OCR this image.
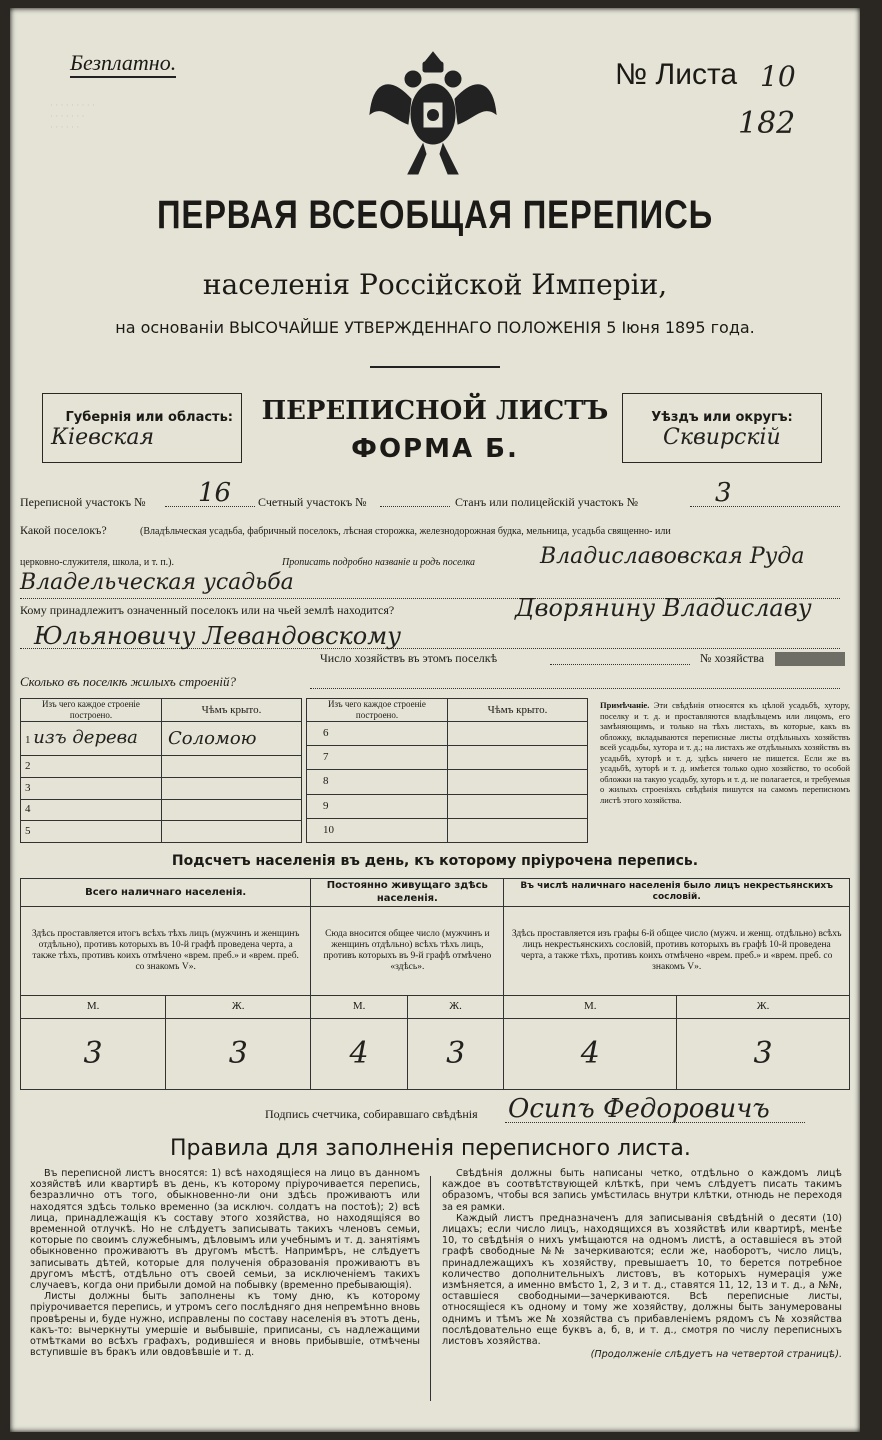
· · · · · · · · ·
· · · · · · ·
· · · · · ·
Безплатно.	№ Листа 10
182
ПЕРВАЯ ВСЕОБЩАЯ ПЕРЕПИСЬ
населенія Россійской Имперіи,
на основаніи ВЫСОЧАЙШЕ УТВЕРЖДЕННАГО ПОЛОЖЕНІЯ 5 Іюня 1895 года.
Губернія или область:
Кіевская
ПЕРЕПИСНОЙ ЛИСТЪ
ФОРМА Б.
Уѣздъ или округъ:
Сквирскій
Переписной участокъ № 16 Счетный участокъ №	Станъ или полицейскій участокъ №	3
Какой поселокъ?	(Владѣльческая усадьба, фабричный поселокъ, лѣсная сторожка, железнодорожная будка, мельница, усадьба священно- или
церковно-служителя, школа, и т. п.).	Прописать подробно названіе и родъ поселка	Владиславовская Руда
Владельческая усадьба
Кому принадлежитъ означенный поселокъ или на чьей землѣ находится?	Дворянину Владиславу
Юльяновичу Левандовскому
Число хозяйствъ въ этомъ поселкѣ	№ хозяйства
Сколько въ поселкѣ жилыхъ строеній?
Изъ чего каждое строеніе построено.	Чѣмъ крыто.
1 изъ дерева	Соломою
2	
3	
4	
5	
Изъ чего каждое строеніе построено.	Чѣмъ крыто.
6	
7	
8	
9	
10	
Примѣчаніе. Эти свѣдѣнія относятся къ цѣлой усадьбѣ, хутору, поселку и т. д. и проставляются владѣльцемъ или лицомъ, его замѣняющимъ, и только на тѣхъ листахъ, въ которые, какъ въ обложку, вкладываются переписные листы отдѣльныхъ хозяйствъ всей усадьбы, хутора и т. д.; на листахъ же отдѣльныхъ хозяйствъ въ усадьбѣ, хуторѣ и т. д. здѣсь ничего не пишется. Если же въ усадьбѣ, хуторѣ и т. д. имѣется только одно хозяйство, то особой обложки на такую усадьбу, хуторъ и т. д. не полагается, и требуемыя о жилыхъ строеніяхъ свѣдѣнія пишутся на самомъ переписномъ листѣ этого хозяйства.
Подсчетъ населенія въ день, къ которому пріурочена перепись.
Всего наличнаго населенія.		Постоянно живущаго здѣсь населенія.		Въ числѣ наличнаго населенія было лицъ некрестьянскихъ сословій.	
Здѣсь проставляется итогъ всѣхъ тѣхъ лицъ (мужчинъ и женщинъ отдѣльно), противъ которыхъ въ 10-й графѣ проведена черта, а также тѣхъ, противъ коихъ отмѣчено «врем. преб.» и «врем. преб. со знакомъ V».		Сюда вносится общее число (мужчинъ и женщинъ отдѣльно) всѣхъ тѣхъ лицъ, противъ которыхъ въ 9-й графѣ отмѣчено «здѣсь».		Здѣсь проставляется изъ графы 6-й общее число (мужч. и женщ. отдѣльно) всѣхъ лицъ некрестьянскихъ сословій, противъ которыхъ въ графѣ 10-й проведена черта, а также тѣхъ, противъ коихъ отмѣчено «врем. преб.» и «врем. преб. со знакомъ V».	
М.	Ж.	М.	Ж.	М.	Ж.
3	3	4	3	4	3
Подпись счетчика, собиравшаго свѣдѣнія Осипъ Федоровичъ
Правила для заполненія переписного листа.
Въ переписной листъ вносятся: 1) всѣ находящіеся на лицо въ данномъ хозяйствѣ или квартирѣ въ день, къ которому пріурочивается перепись, безразлично отъ того, обыкновенно-ли они здѣсь проживаютъ или находятся здѣсь только временно (за исключ. солдатъ на постоѣ); 2) всѣ лица, принадлежащія къ составу этого хозяйства, но находящіяся во временной отлучкѣ. Но не слѣдуетъ записывать такихъ членовъ семьи, которые по своимъ служебнымъ, дѣловымъ или учебнымъ и т. д. занятіямъ обыкновенно проживаютъ въ другомъ мѣстѣ. Напримѣръ, не слѣдуетъ записывать дѣтей, которые для полученія образованія проживаютъ въ другомъ мѣстѣ, отдѣльно отъ своей семьи, за исключеніемъ такихъ случаевъ, когда они прибыли домой на побывку (временно пребывающія).
Листы должны быть заполнены къ тому дню, къ которому пріурочивается перепись, и утромъ сего послѣдняго дня непремѣнно вновь провѣрены и, буде нужно, исправлены по составу населенія въ этотъ день, какъ-то: вычеркнуты умершіе и выбывшіе, приписаны, съ надлежащими отмѣтками во всѣхъ графахъ, родившіеся и вновь прибывшіе, отмѣчены вступившіе въ бракъ или овдовѣвшіе и т. д.
Свѣдѣнія должны быть написаны четко, отдѣльно о каждомъ лицѣ каждое въ соотвѣтствующей клѣткѣ, при чемъ слѣдуетъ писать такимъ образомъ, чтобы вся запись умѣстилась внутри клѣтки, отнюдь не переходя за ея рамки.
Каждый листъ предназначенъ для записыванія свѣдѣній о десяти (10) лицахъ; если число лицъ, находящихся въ хозяйствѣ или квартирѣ, менѣе 10, то свѣдѣнія о нихъ умѣщаются на одномъ листѣ, а оставшіеся въ этой графѣ свободные №№ зачеркиваются; если же, наоборотъ, число лицъ, принадлежащихъ къ хозяйству, превышаетъ 10, то берется потребное количество дополнительныхъ листовъ, въ которыхъ нумерація уже измѣняется, а именно вмѣсто 1, 2, 3 и т. д., ставятся 11, 12, 13 и т. д., а №№, оставшіеся свободными—зачеркиваются. Всѣ переписные листы, относящіеся къ одному и тому же хозяйству, должны быть занумерованы однимъ и тѣмъ же № хозяйства съ прибавленіемъ рядомъ съ № хозяйства послѣдовательно еще буквъ а, б, в, и т. д., смотря по числу переписныхъ листовъ хозяйства.
(Продолженіе слѣдуетъ на четвертой страницѣ).
